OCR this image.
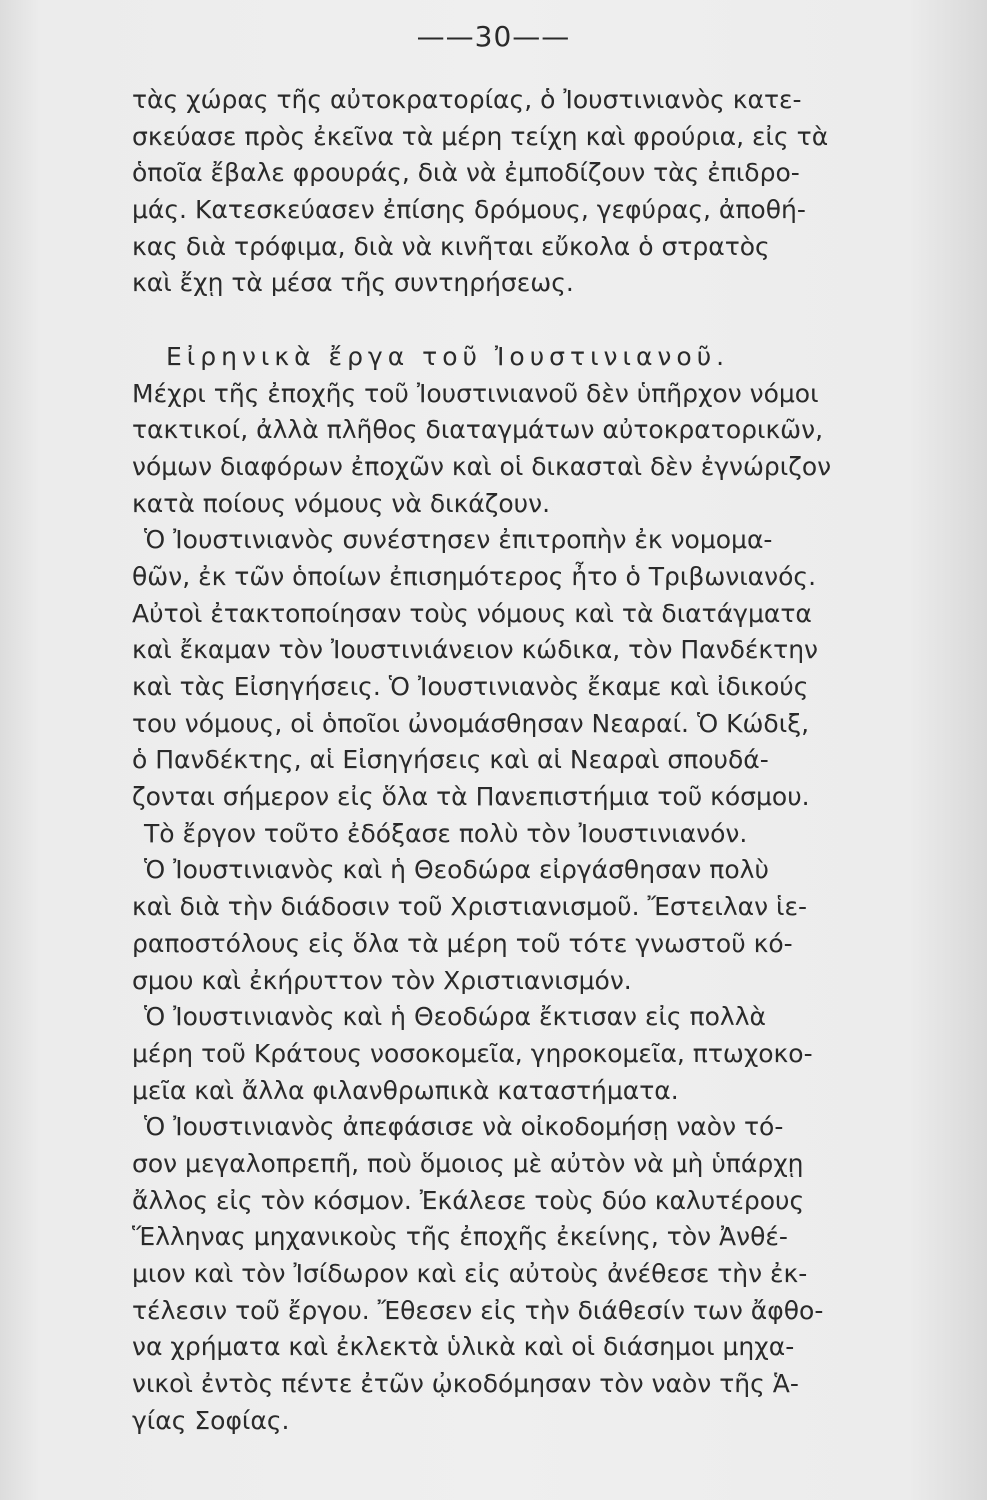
——30——
τὰς χώρας τῆς αὐτοκρατορίας, ὁ Ἰουστινιανὸς κατε-
σκεύασε πρὸς ἐκεῖνα τὰ μέρη τείχη καὶ φρούρια, εἰς τὰ
ὁποῖα ἔβαλε φρουράς, διὰ νὰ ἐμποδίζουν τὰς ἐπιδρο-
μάς. Κατεσκεύασεν ἐπίσης δρόμους, γεφύρας, ἀποθή-
κας διὰ τρόφιμα, διὰ νὰ κινῆται εὔκολα ὁ στρατὸς
καὶ ἔχῃ τὰ μέσα τῆς συντηρήσεως.
Εἰρηνικὰ ἔργα τοῦ Ἰουστινιανοῦ.
Μέχρι τῆς ἐποχῆς τοῦ Ἰουστινιανοῦ δὲν ὑπῆρχον νόμοι
τακτικοί, ἀλλὰ πλῆθος διαταγμάτων αὐτοκρατορικῶν,
νόμων διαφόρων ἐποχῶν καὶ οἱ δικασταὶ δὲν ἐγνώριζον
κατὰ ποίους νόμους νὰ δικάζουν.
Ὁ Ἰουστινιανὸς συνέστησεν ἐπιτροπὴν ἐκ νομομα-
θῶν, ἐκ τῶν ὁποίων ἐπισημότερος ἦτο ὁ Τριβωνιανός.
Αὐτοὶ ἐτακτοποίησαν τοὺς νόμους καὶ τὰ διατάγματα
καὶ ἔκαμαν τὸν Ἰουστινιάνειον κώδικα, τὸν Πανδέκτην
καὶ τὰς Εἰσηγήσεις. Ὁ Ἰουστινιανὸς ἔκαμε καὶ ἰδικούς
του νόμους, οἱ ὁποῖοι ὠνομάσθησαν Νεαραί. Ὁ Κώδιξ,
ὁ Πανδέκτης, αἱ Εἰσηγήσεις καὶ αἱ Νεαραὶ σπουδά-
ζονται σήμερον εἰς ὅλα τὰ Πανεπιστήμια τοῦ κόσμου.
Τὸ ἔργον τοῦτο ἐδόξασε πολὺ τὸν Ἰουστινιανόν.
Ὁ Ἰουστινιανὸς καὶ ἡ Θεοδώρα εἰργάσθησαν πολὺ
καὶ διὰ τὴν διάδοσιν τοῦ Χριστιανισμοῦ. Ἔστειλαν ἱε-
ραποστόλους εἰς ὅλα τὰ μέρη τοῦ τότε γνωστοῦ κό-
σμου καὶ ἐκήρυττον τὸν Χριστιανισμόν.
Ὁ Ἰουστινιανὸς καὶ ἡ Θεοδώρα ἔκτισαν εἰς πολλὰ
μέρη τοῦ Κράτους νοσοκομεῖα, γηροκομεῖα, πτωχοκο-
μεῖα καὶ ἄλλα φιλανθρωπικὰ καταστήματα.
Ὁ Ἰουστινιανὸς ἀπεφάσισε νὰ οἰκοδομήσῃ ναὸν τό-
σον μεγαλοπρεπῆ, ποὺ ὅμοιος μὲ αὐτὸν νὰ μὴ ὑπάρχῃ
ἄλλος εἰς τὸν κόσμον. Ἐκάλεσε τοὺς δύο καλυτέρους
Ἕλληνας μηχανικοὺς τῆς ἐποχῆς ἐκείνης, τὸν Ἀνθέ-
μιον καὶ τὸν Ἰσίδωρον καὶ εἰς αὐτοὺς ἀνέθεσε τὴν ἐκ-
τέλεσιν τοῦ ἔργου. Ἔθεσεν εἰς τὴν διάθεσίν των ἄφθο-
να χρήματα καὶ ἐκλεκτὰ ὑλικὰ καὶ οἱ διάσημοι μηχα-
νικοὶ ἐντὸς πέντε ἐτῶν ᾠκοδόμησαν τὸν ναὸν τῆς Ἁ-
γίας Σοφίας.
